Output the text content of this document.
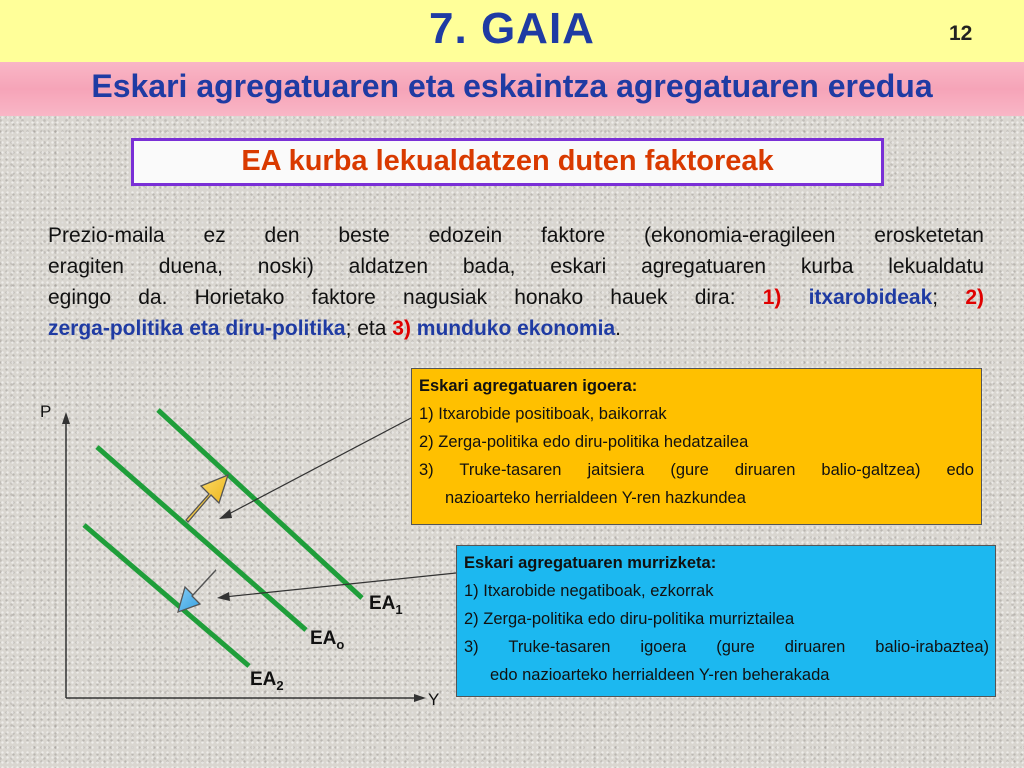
7. GAIA	12
Eskari agregatuaren eta eskaintza agregatuaren eredua
EA kurba lekualdatzen duten faktoreak
Prezio-maila ez den beste edozein faktore (ekonomia-eragileen erosketetan
eragiten duena, noski) aldatzen bada, eskari agregatuaren kurba lekualdatu
egingo da. Horietako faktore nagusiak honako hauek dira: 1) itxarobideak; 2)
zerga-politika eta diru-politika; eta 3) munduko ekonomia.
Eskari agregatuaren igoera:
1) Itxarobide positiboak, baikorrak
2) Zerga-politika edo diru-politika hedatzailea
3) Truke-tasaren jaitsiera (gure diruaren balio-galtzea) edo
nazioarteko herrialdeen Y-ren hazkundea
Eskari agregatuaren murrizketa:
1) Itxarobide negatiboak, ezkorrak
2) Zerga-politika edo diru-politika murriztailea
3) Truke-tasaren igoera (gure diruaren balio-irabaztea)
edo nazioarteko herrialdeen Y-ren beherakada
P
Y
$EA_1$
$EA_o$
$EA_2$
